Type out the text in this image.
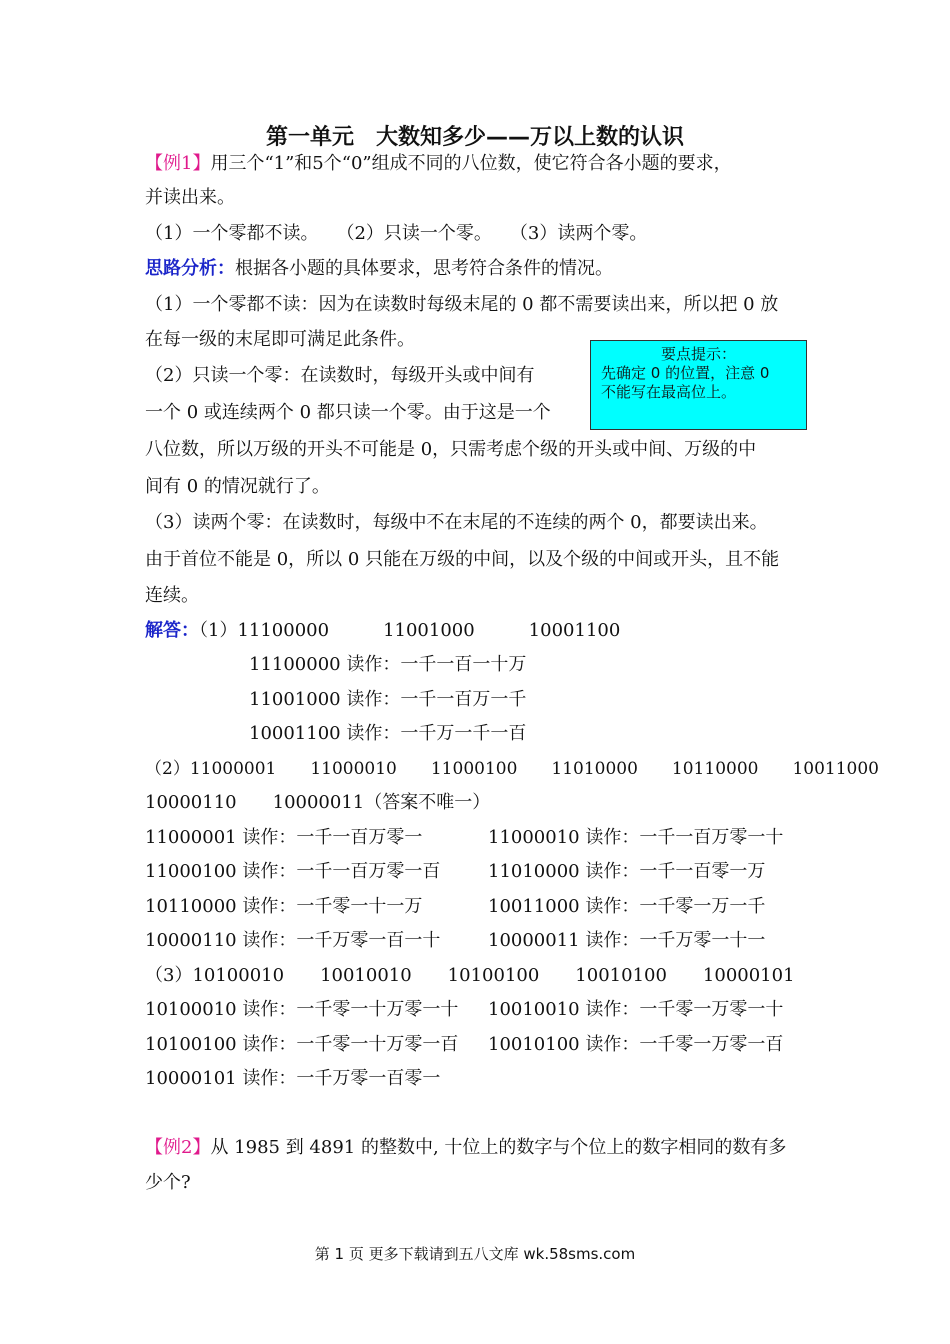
第一单元　大数知多少——万以上数的认识
【例1】用三个“1”和5个“0”组成不同的八位数，使它符合各小题的要求，
并读出来。
（1）一个零都不读。　　（2）只读一个零。　　（3）读两个零。
思路分析：根据各小题的具体要求，思考符合条件的情况。
（1）一个零都不读：因为在读数时每级末尾的 0 都不需要读出来，所以把 0 放
在每一级的末尾即可满足此条件。
（2）只读一个零：在读数时，每级开头或中间有
一个 0 或连续两个 0 都只读一个零。由于这是一个
八位数，所以万级的开头不可能是 0，只需考虑个级的开头或中间、万级的中
间有 0 的情况就行了。
（3）读两个零：在读数时，每级中不在末尾的不连续的两个 0，都要读出来。
由于首位不能是 0，所以 0 只能在万级的中间，以及个级的中间或开头，且不能
连续。
要点提示：
先确定 0 的位置，注意 0
不能写在最高位上。
解答：（1）11100000　　　11001000　　　10001100
11100000 读作：一千一百一十万
11001000 读作：一千一百万一千
10001100 读作：一千万一千一百
（2）11000001　　11000010　　11000100　　11010000　　10110000　　10011000
10000110　　10000011（答案不唯一）
11000001 读作：一千一百万零一	11000010 读作：一千一百万零一十
11000100 读作：一千一百万零一百	11010000 读作：一千一百零一万
10110000 读作：一千零一十一万	10011000 读作：一千零一万一千
10000110 读作：一千万零一百一十	10000011 读作：一千万零一十一
（3）10100010　　10010010　　10100100　　10010100　　10000101
10100010 读作：一千零一十万零一十 10010010 读作：一千零一万零一十
10100100 读作：一千零一十万零一百 10010100 读作：一千零一万零一百
10000101 读作：一千万零一百零一
【例2】从 1985 到 4891 的整数中, 十位上的数字与个位上的数字相同的数有多
少个?
第 1 页 更多下载请到五八文库 wk.58sms.com
